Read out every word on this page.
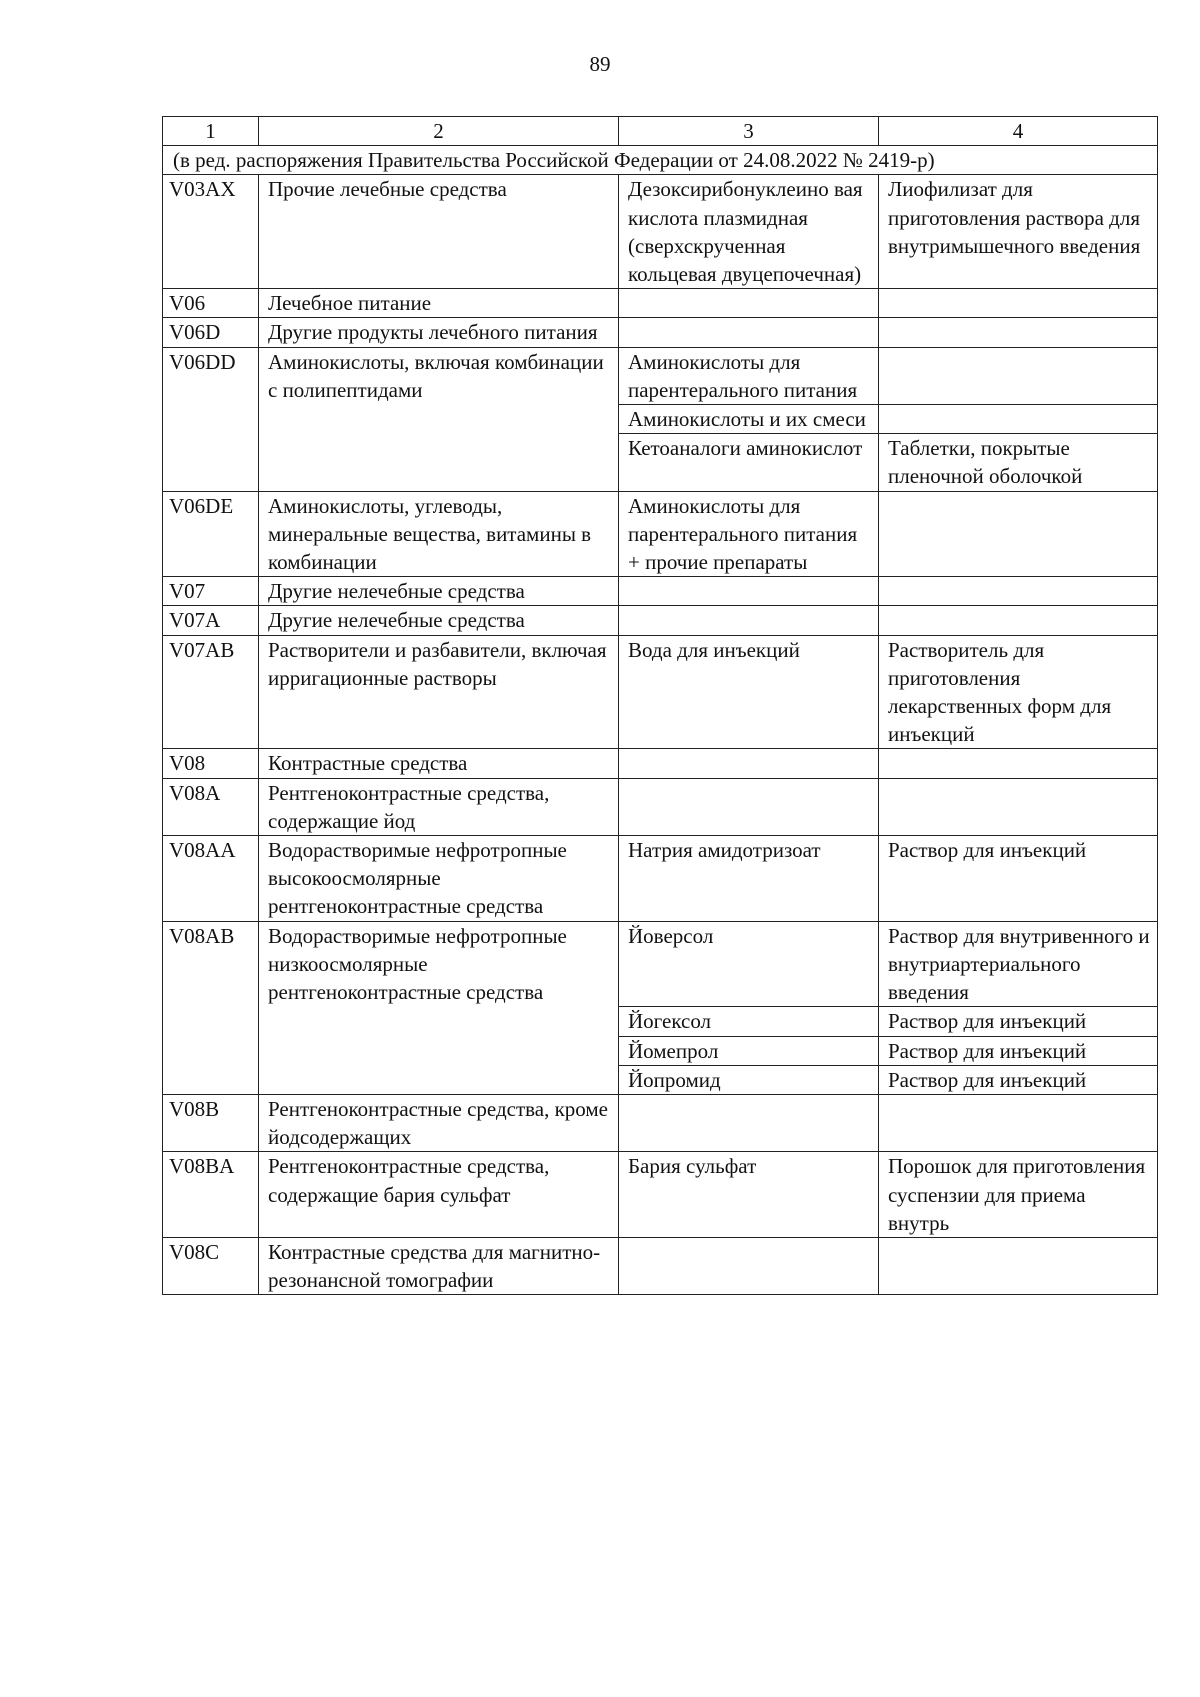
89
1	2	3	4
(в ред. распоряжения Правительства Российской Федерации от 24.08.2022 № 2419-р)			
V03AX	Прочие лечебные средства	Дезоксирибонуклеино вая кислота плазмидная (сверхскрученная кольцевая двуцепочечная)	Лиофилизат для приготовления раствора для внутримышечного введения
V06	Лечебное питание		
V06D	Другие продукты лечебного питания		
V06DD	Аминокислоты, включая комбинации с полипептидами	Аминокислоты для парентерального питания	
		Аминокислоты и их смеси	
		Кетоаналоги аминокислот	Таблетки, покрытые пленочной оболочкой
V06DE	Аминокислоты, углеводы, минеральные вещества, витамины в комбинации	Аминокислоты для парентерального питания + прочие препараты	
V07	Другие нелечебные средства		
V07A	Другие нелечебные средства		
V07AB	Растворители и разбавители, включая ирригационные растворы	Вода для инъекций	Растворитель для приготовления лекарственных форм для инъекций
V08	Контрастные средства		
V08A	Рентгеноконтрастные средства, содержащие йод		
V08AA	Водорастворимые нефротропные высокоосмолярные рентгеноконтрастные средства	Натрия амидотризоат	Раствор для инъекций
V08AB	Водорастворимые нефротропные низкоосмолярные рентгеноконтрастные средства	Йоверсол	Раствор для внутривенного и внутриартериального введения
		Йогексол	Раствор для инъекций
		Йомепрол	Раствор для инъекций
		Йопромид	Раствор для инъекций
V08B	Рентгеноконтрастные средства, кроме йодсодержащих		
V08BA	Рентгеноконтрастные средства, содержащие бария сульфат	Бария сульфат	Порошок для приготовления суспензии для приема внутрь
V08C	Контрастные средства для магнитно-резонансной томографии		
